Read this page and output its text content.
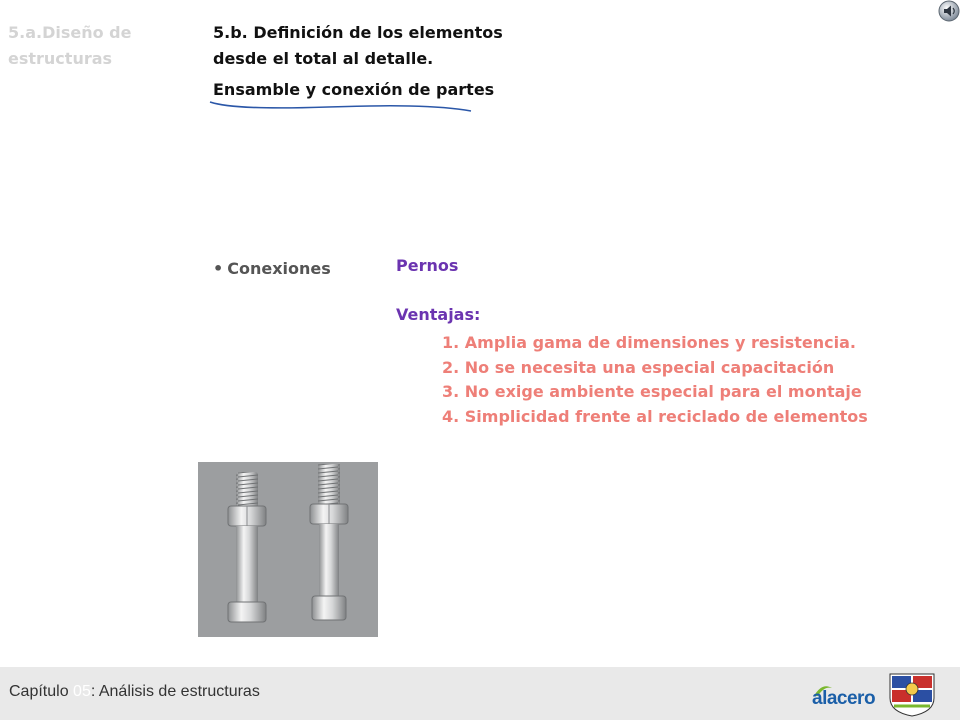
5.a.Diseño de estructuras
5.b. Definición de los elementos desde el total al detalle.
Ensamble y conexión de partes
• Conexiones	Pernos
Ventajas:
1. Amplia gama de dimensiones y resistencia.
2. No se necesita una especial capacitación
3. No exige ambiente especial para el montaje
4. Simplicidad frente al reciclado de elementos
Capítulo 05: Análisis de estructuras	alacero
